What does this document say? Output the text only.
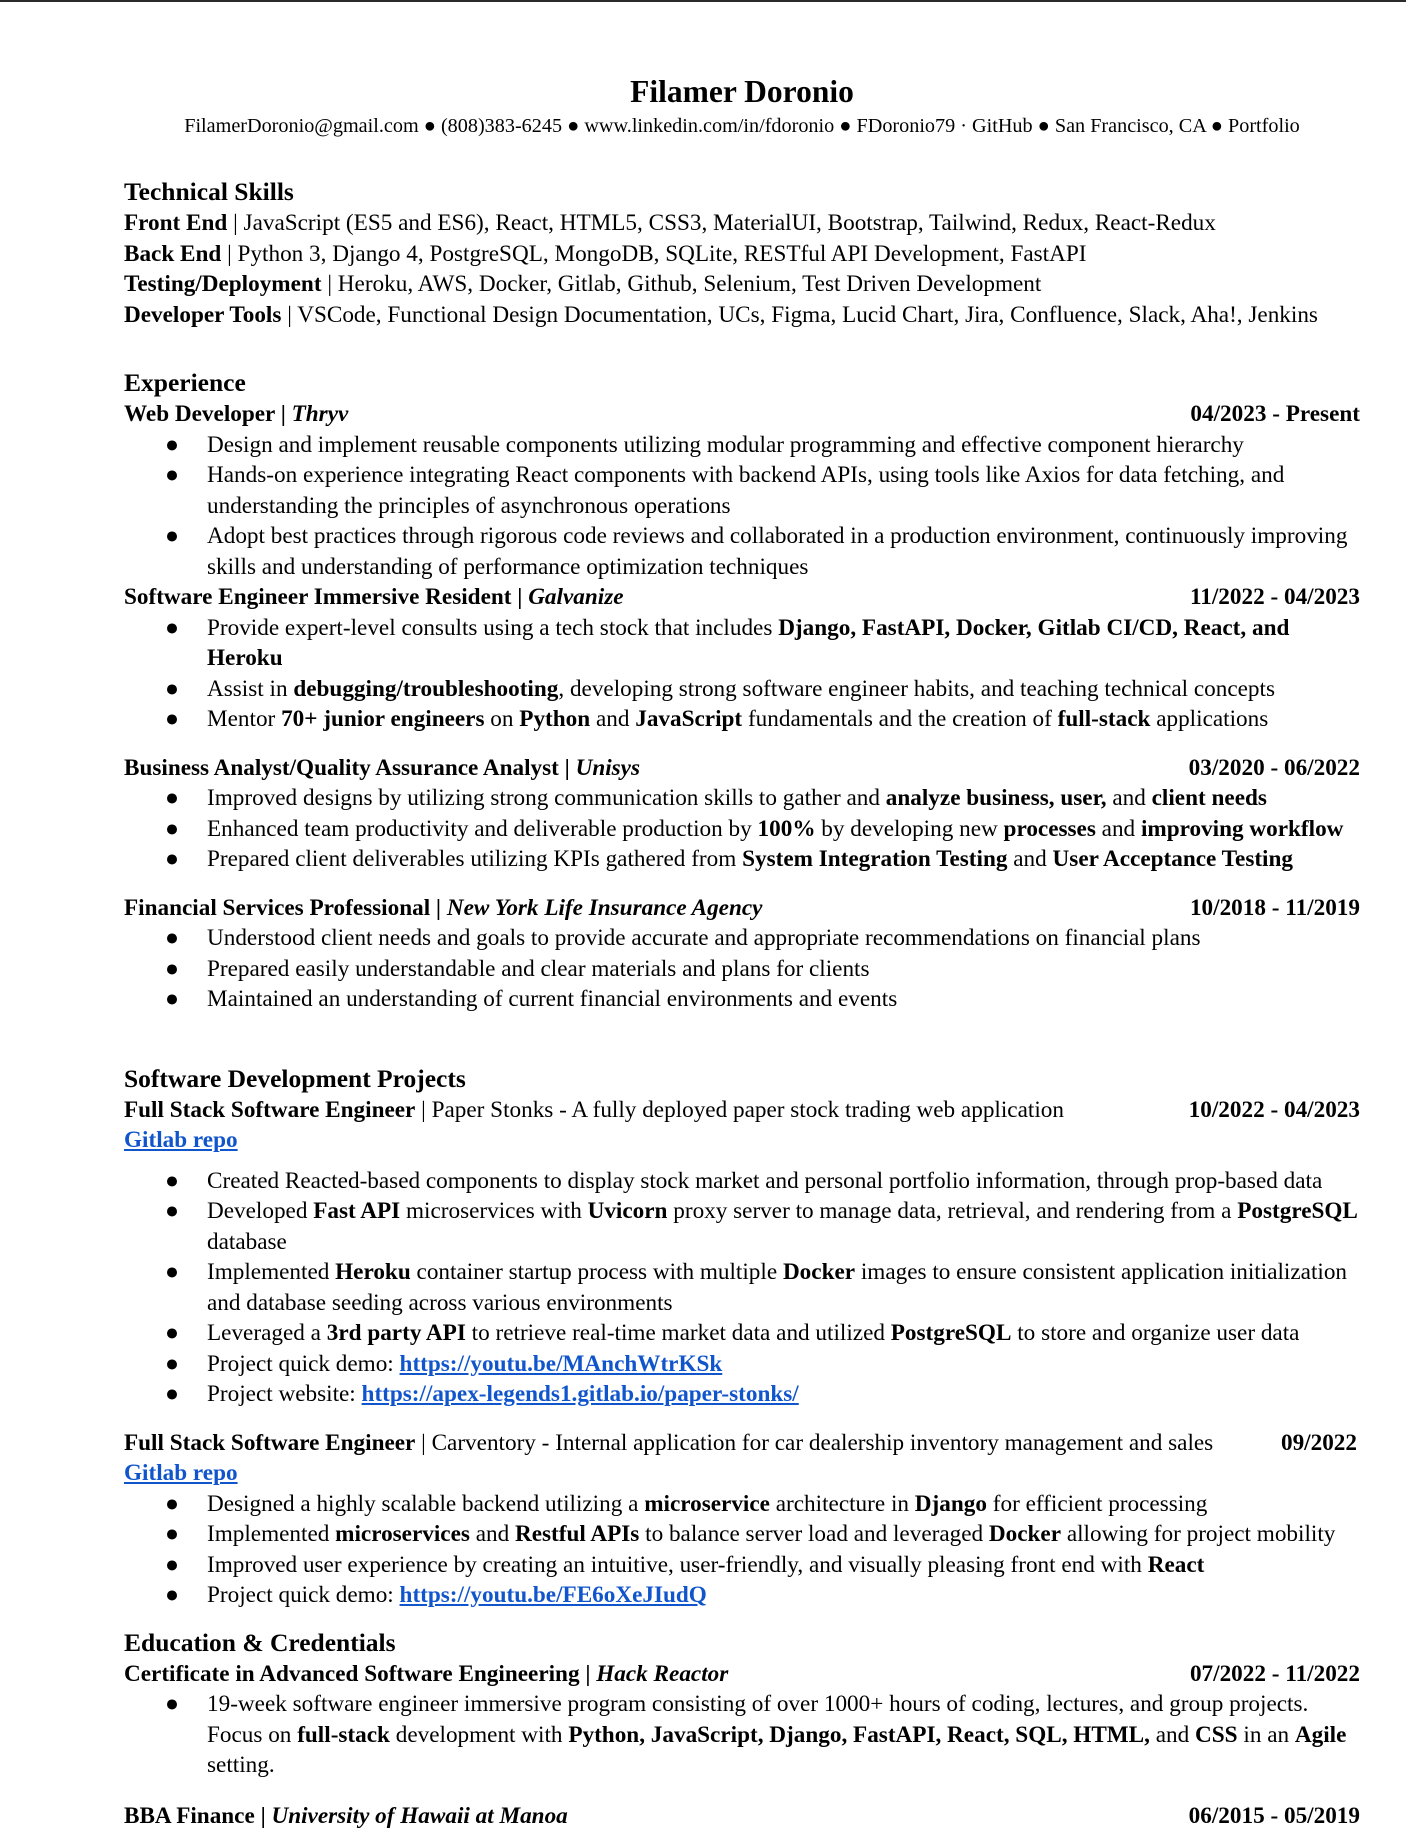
Filamer Doronio
FilamerDoronio@gmail.com ● (808)383-6245 ● www.linkedin.com/in/fdoronio ● FDoronio79 · GitHub ● San Francisco, CA ● Portfolio
Technical Skills
Front End | JavaScript (ES5 and ES6), React, HTML5, CSS3, MaterialUI, Bootstrap, Tailwind, Redux, React-Redux
Back End | Python 3, Django 4, PostgreSQL, MongoDB, SQLite, RESTful API Development, FastAPI
Testing/Deployment | Heroku, AWS, Docker, Gitlab, Github, Selenium, Test Driven Development
Developer Tools | VSCode, Functional Design Documentation, UCs, Figma, Lucid Chart, Jira, Confluence, Slack, Aha!, Jenkins
Experience
Web Developer | Thryv	04/2023 - Present
● Design and implement reusable components utilizing modular programming and effective component hierarchy
● Hands-on experience integrating React components with backend APIs, using tools like Axios for data fetching, and understanding the principles of asynchronous operations
● Adopt best practices through rigorous code reviews and collaborated in a production environment, continuously improving skills and understanding of performance optimization techniques
Software Engineer Immersive Resident | Galvanize	11/2022 - 04/2023
● Provide expert-level consults using a tech stock that includes Django, FastAPI, Docker, Gitlab CI/CD, React, and Heroku
● Assist in debugging/troubleshooting, developing strong software engineer habits, and teaching technical concepts
● Mentor 70+ junior engineers on Python and JavaScript fundamentals and the creation of full-stack applications
Business Analyst/Quality Assurance Analyst | Unisys	03/2020 - 06/2022
● Improved designs by utilizing strong communication skills to gather and analyze business, user, and client needs
● Enhanced team productivity and deliverable production by 100% by developing new processes and improving workflow
● Prepared client deliverables utilizing KPIs gathered from System Integration Testing and User Acceptance Testing
Financial Services Professional | New York Life Insurance Agency	10/2018 - 11/2019
● Understood client needs and goals to provide accurate and appropriate recommendations on financial plans
● Prepared easily understandable and clear materials and plans for clients
● Maintained an understanding of current financial environments and events
Software Development Projects
Full Stack Software Engineer | Paper Stonks - A fully deployed paper stock trading web application	10/2022 - 04/2023
Gitlab repo
● Created Reacted-based components to display stock market and personal portfolio information, through prop-based data
● Developed Fast API microservices with Uvicorn proxy server to manage data, retrieval, and rendering from a PostgreSQL database
● Implemented Heroku container startup process with multiple Docker images to ensure consistent application initialization and database seeding across various environments
● Leveraged a 3rd party API to retrieve real-time market data and utilized PostgreSQL to store and organize user data
● Project quick demo: https://youtu.be/MAnchWtrKSk
● Project website: https://apex-legends1.gitlab.io/paper-stonks/
Full Stack Software Engineer | Carventory - Internal application for car dealership inventory management and sales	09/2022
Gitlab repo
● Designed a highly scalable backend utilizing a microservice architecture in Django for efficient processing
● Implemented microservices and Restful APIs to balance server load and leveraged Docker allowing for project mobility
● Improved user experience by creating an intuitive, user-friendly, and visually pleasing front end with React
● Project quick demo: https://youtu.be/FE6oXeJIudQ
Education & Credentials
Certificate in Advanced Software Engineering | Hack Reactor	07/2022 - 11/2022
● 19-week software engineer immersive program consisting of over 1000+ hours of coding, lectures, and group projects. Focus on full-stack development with Python, JavaScript, Django, FastAPI, React, SQL, HTML, and CSS in an Agile setting.
BBA Finance | University of Hawaii at Manoa	06/2015 - 05/2019
